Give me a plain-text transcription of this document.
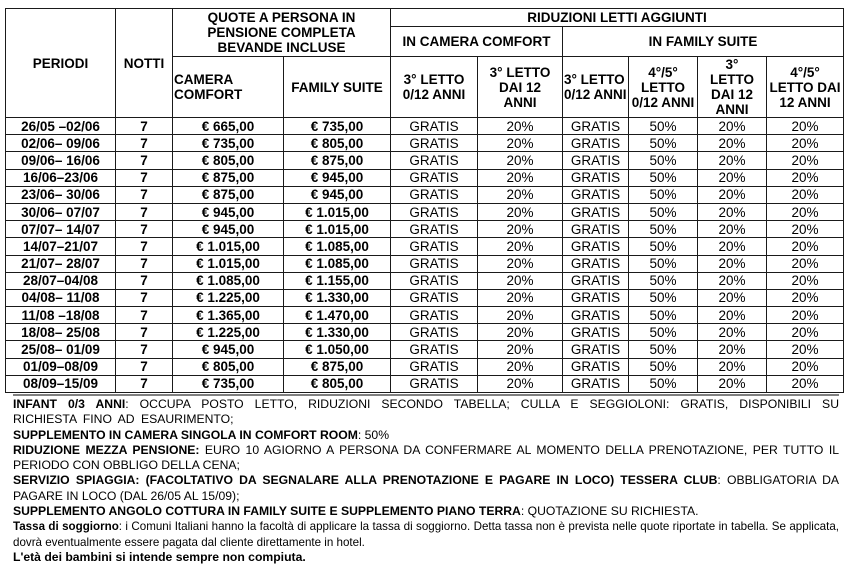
PERIODI	NOTTI	QUOTE A PERSONA IN PENSIONE COMPLETA BEVANDE INCLUSE		RIDUZIONI LETTI AGGIUNTI					
				IN CAMERA COMFORT		IN FAMILY SUITE			
		CAMERA COMFORT	FAMILY SUITE	3° LETTO 0/12 ANNI	3° LETTO DAI 12 ANNI	3° LETTO 0/12 ANNI	4°/5° LETTO 0/12 ANNI	3° LETTO DAI 12 ANNI	4°/5° LETTO DAI 12 ANNI
26/05 –02/06	7	€ 665,00	€ 735,00	GRATIS	20%	GRATIS	50%	20%	20%
02/06– 09/06	7	€ 735,00	€ 805,00	GRATIS	20%	GRATIS	50%	20%	20%
09/06– 16/06	7	€ 805,00	€ 875,00	GRATIS	20%	GRATIS	50%	20%	20%
16/06–23/06	7	€ 875,00	€ 945,00	GRATIS	20%	GRATIS	50%	20%	20%
23/06– 30/06	7	€ 875,00	€ 945,00	GRATIS	20%	GRATIS	50%	20%	20%
30/06– 07/07	7	€ 945,00	€ 1.015,00	GRATIS	20%	GRATIS	50%	20%	20%
07/07– 14/07	7	€ 945,00	€ 1.015,00	GRATIS	20%	GRATIS	50%	20%	20%
14/07–21/07	7	€ 1.015,00	€ 1.085,00	GRATIS	20%	GRATIS	50%	20%	20%
21/07– 28/07	7	€ 1.015,00	€ 1.085,00	GRATIS	20%	GRATIS	50%	20%	20%
28/07–04/08	7	€ 1.085,00	€ 1.155,00	GRATIS	20%	GRATIS	50%	20%	20%
04/08– 11/08	7	€ 1.225,00	€ 1.330,00	GRATIS	20%	GRATIS	50%	20%	20%
11/08 –18/08	7	€ 1.365,00	€ 1.470,00	GRATIS	20%	GRATIS	50%	20%	20%
18/08– 25/08	7	€ 1.225,00	€ 1.330,00	GRATIS	20%	GRATIS	50%	20%	20%
25/08– 01/09	7	€ 945,00	€ 1.050,00	GRATIS	20%	GRATIS	50%	20%	20%
01/09–08/09	7	€ 805,00	€ 875,00	GRATIS	20%	GRATIS	50%	20%	20%
08/09–15/09	7	€ 735,00	€ 805,00	GRATIS	20%	GRATIS	50%	20%	20%

INFANT 0/3 ANNI: OCCUPA POSTO LETTO, RIDUZIONI SECONDO TABELLA; CULLA E SEGGIOLONI: GRATIS, DISPONIBILI SU RICHIESTA FINO AD ESAURIMENTO;

SUPPLEMENTO IN CAMERA SINGOLA IN COMFORT ROOM: 50%

RIDUZIONE MEZZA PENSIONE: EURO 10 AGIORNO A PERSONA DA CONFERMARE AL MOMENTO DELLA PRENOTAZIONE, PER TUTTO IL PERIODO CON OBBLIGO DELLA CENA;

SERVIZIO SPIAGGIA: (FACOLTATIVO DA SEGNALARE ALLA PRENOTAZIONE E PAGARE IN LOCO) TESSERA CLUB: OBBLIGATORIA DA PAGARE IN LOCO (DAL 26/05 AL 15/09);

SUPPLEMENTO ANGOLO COTTURA IN FAMILY SUITE E SUPPLEMENTO PIANO TERRA: QUOTAZIONE SU RICHIESTA.

Tassa di soggiorno: i Comuni Italiani hanno la facoltà di applicare la tassa di soggiorno. Detta tassa non è prevista nelle quote riportate in tabella. Se applicata, dovrà eventualmente essere pagata dal cliente direttamente in hotel.

L'età dei bambini si intende sempre non compiuta.
